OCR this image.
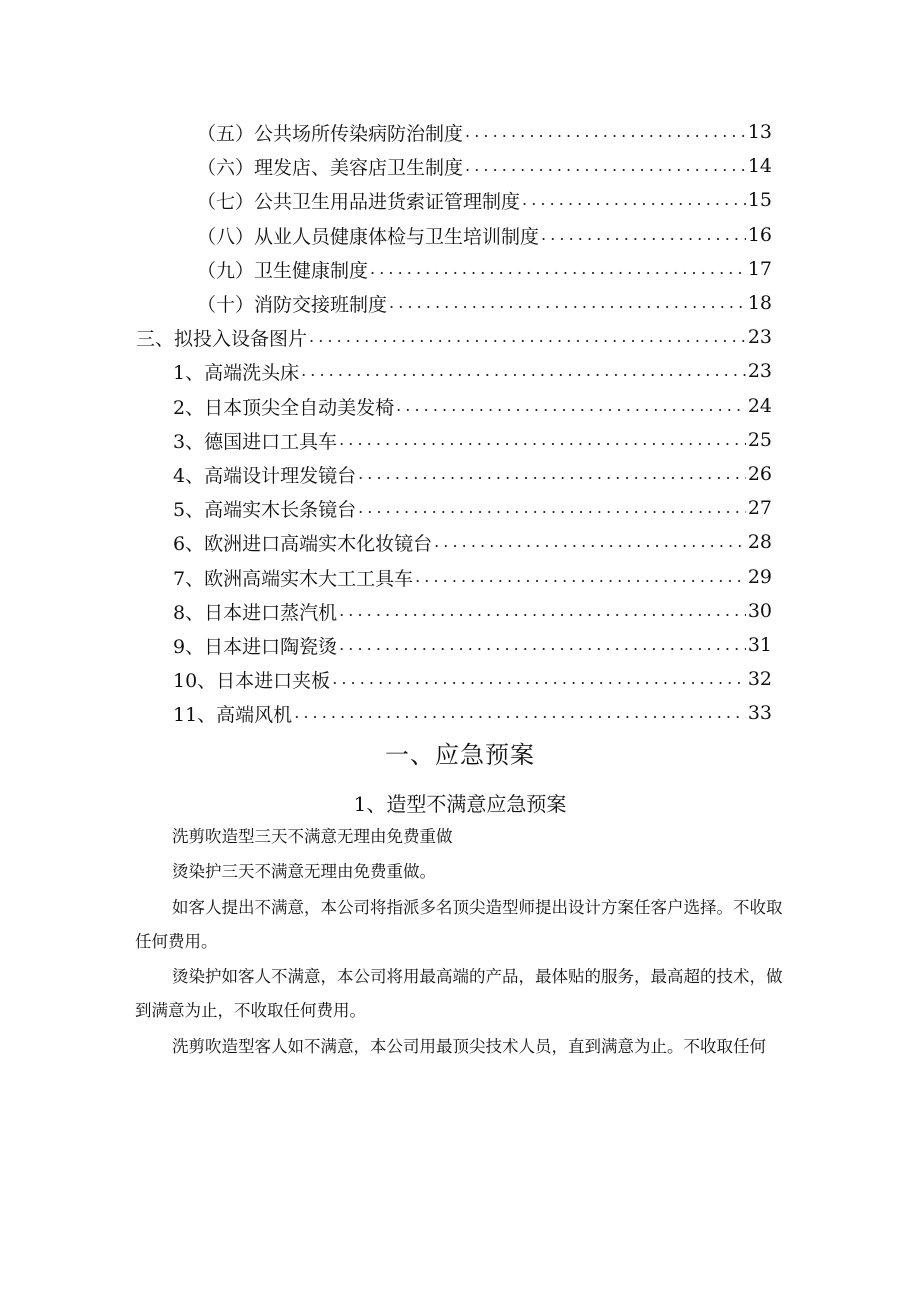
（五）公共场所传染病防治制度 .....	13
（六）理发店、美容店卫生制度 .....	14
（七）公共卫生用品进货索证管理制度 .....	15
（八）从业人员健康体检与卫生培训制度 .....	16
（九）卫生健康制度 .....	17
（十）消防交接班制度 .....	18
三、拟投入设备图片 .....	23
1、高端洗头床 .....	23
2、日本顶尖全自动美发椅 .....	24
3、德国进口工具车 .....	25
4、高端设计理发镜台 .....	26
5、高端实木长条镜台 .....	27
6、欧洲进口高端实木化妆镜台 .....	28
7、欧洲高端实木大工工具车 .....	29
8、日本进口蒸汽机 .....	30
9、日本进口陶瓷烫 .....	31
10、日本进口夹板 .....	32
11、高端风机 .....	33
一、应急预案
1、造型不满意应急预案
洗剪吹造型三天不满意无理由免费重做
烫染护三天不满意无理由免费重做。
如客人提出不满意，本公司将指派多名顶尖造型师提出设计方案任客户选择。不收取任何费用。
烫染护如客人不满意，本公司将用最高端的产品，最体贴的服务，最高超的技术，做到满意为止，不收取任何费用。
洗剪吹造型客人如不满意，本公司用最顶尖技术人员，直到满意为止。不收取任何
